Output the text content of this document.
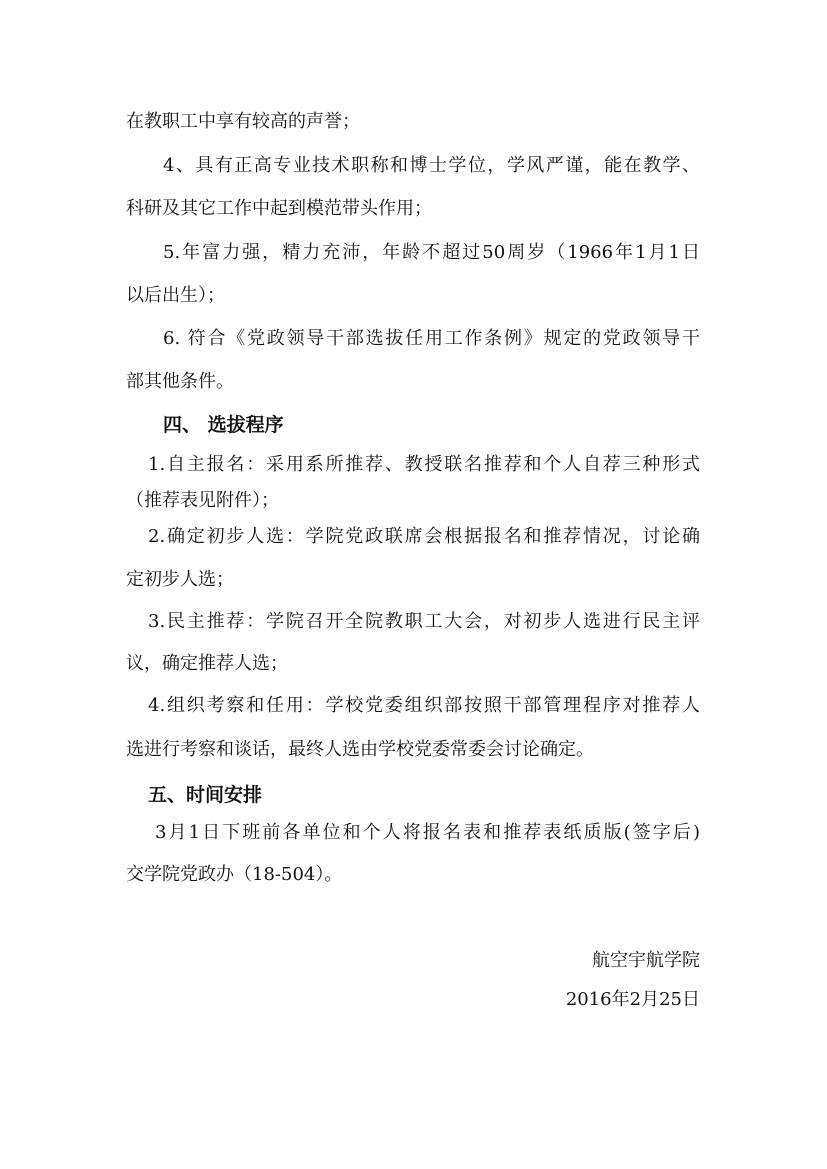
在教职工中享有较高的声誉；
4、具有正高专业技术职称和博士学位，学风严谨，能在教学、
科研及其它工作中起到模范带头作用；
5.年富力强，精力充沛，年龄不超过50周岁（1966年1月1日
以后出生）；
6. 符合《党政领导干部选拔任用工作条例》规定的党政领导干
部其他条件。
四、 选拔程序
1.自主报名：采用系所推荐、教授联名推荐和个人自荐三种形式
（推荐表见附件）；
2.确定初步人选：学院党政联席会根据报名和推荐情况，讨论确
定初步人选；
3.民主推荐：学院召开全院教职工大会，对初步人选进行民主评
议，确定推荐人选；
4.组织考察和任用：学校党委组织部按照干部管理程序对推荐人
选进行考察和谈话，最终人选由学校党委常委会讨论确定。
五、时间安排
3月1日下班前各单位和个人将报名表和推荐表纸质版(签字后)
交学院党政办（18-504）。
航空宇航学院
2016年2月25日
